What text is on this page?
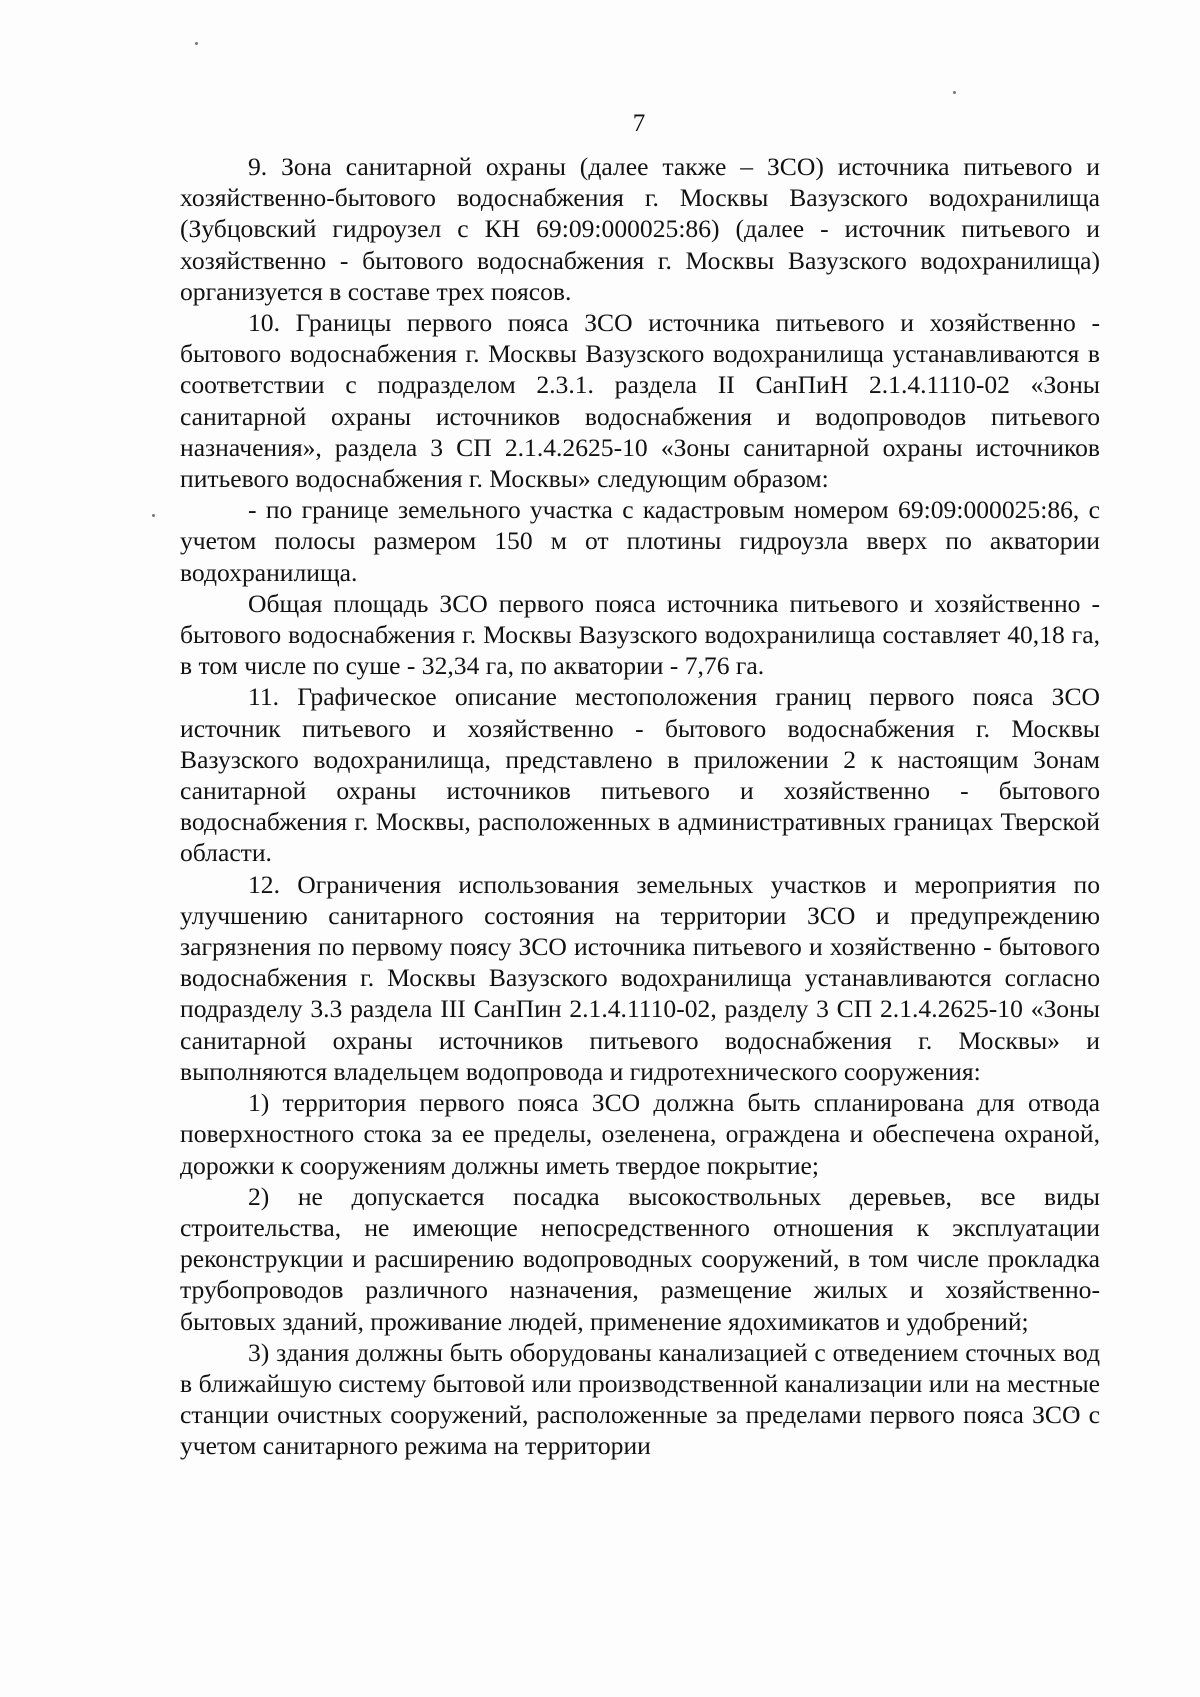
7

9. Зона санитарной охраны (далее также – ЗСО) источника питьевого и хозяйственно-бытового водоснабжения г. Москвы Вазузского водохранилища (Зубцовский гидроузел с КН 69:09:000025:86) (далее - источник питьевого и хозяйственно - бытового водоснабжения г. Москвы Вазузского водохранилища) организуется в составе трех поясов.

10. Границы первого пояса ЗСО источника питьевого и хозяйственно - бытового водоснабжения г. Москвы Вазузского водохранилища устанавливаются в соответствии с подразделом 2.3.1. раздела II СанПиН 2.1.4.1110-02 «Зоны санитарной охраны источников водоснабжения и водопроводов питьевого назначения», раздела 3 СП 2.1.4.2625-10 «Зоны санитарной охраны источников питьевого водоснабжения г. Москвы» следующим образом:

- по границе земельного участка с кадастровым номером 69:09:000025:86, с учетом полосы размером 150 м от плотины гидроузла вверх по акватории водохранилища.

Общая площадь ЗСО первого пояса источника питьевого и хозяйственно - бытового водоснабжения г. Москвы Вазузского водохранилища составляет 40,18 га, в том числе по суше - 32,34 га, по акватории - 7,76 га.

11. Графическое описание местоположения границ первого пояса ЗСО источник питьевого и хозяйственно - бытового водоснабжения г. Москвы Вазузского водохранилища, представлено в приложении 2 к настоящим Зонам санитарной охраны источников питьевого и хозяйственно - бытового водоснабжения г. Москвы, расположенных в административных границах Тверской области.

12. Ограничения использования земельных участков и мероприятия по улучшению санитарного состояния на территории ЗСО и предупреждению загрязнения по первому поясу ЗСО источника питьевого и хозяйственно - бытового водоснабжения г. Москвы Вазузского водохранилища устанавливаются согласно подразделу 3.3 раздела III СанПин 2.1.4.1110-02, разделу 3 СП 2.1.4.2625-10 «Зоны санитарной охраны источников питьевого водоснабжения г. Москвы» и выполняются владельцем водопровода и гидротехнического сооружения:

1) территория первого пояса ЗСО должна быть спланирована для отвода поверхностного стока за ее пределы, озеленена, ограждена и обеспечена охраной, дорожки к сооружениям должны иметь твердое покрытие;

2) не допускается посадка высокоствольных деревьев, все виды строительства, не имеющие непосредственного отношения к эксплуатации реконструкции и расширению водопроводных сооружений, в том числе прокладка трубопроводов различного назначения, размещение жилых и хозяйственно-бытовых зданий, проживание людей, применение ядохимикатов и удобрений;

3) здания должны быть оборудованы канализацией с отведением сточных вод в ближайшую систему бытовой или производственной канализации или на местные станции очистных сооружений, расположенные за пределами первого пояса ЗСО с учетом санитарного режима на территории
